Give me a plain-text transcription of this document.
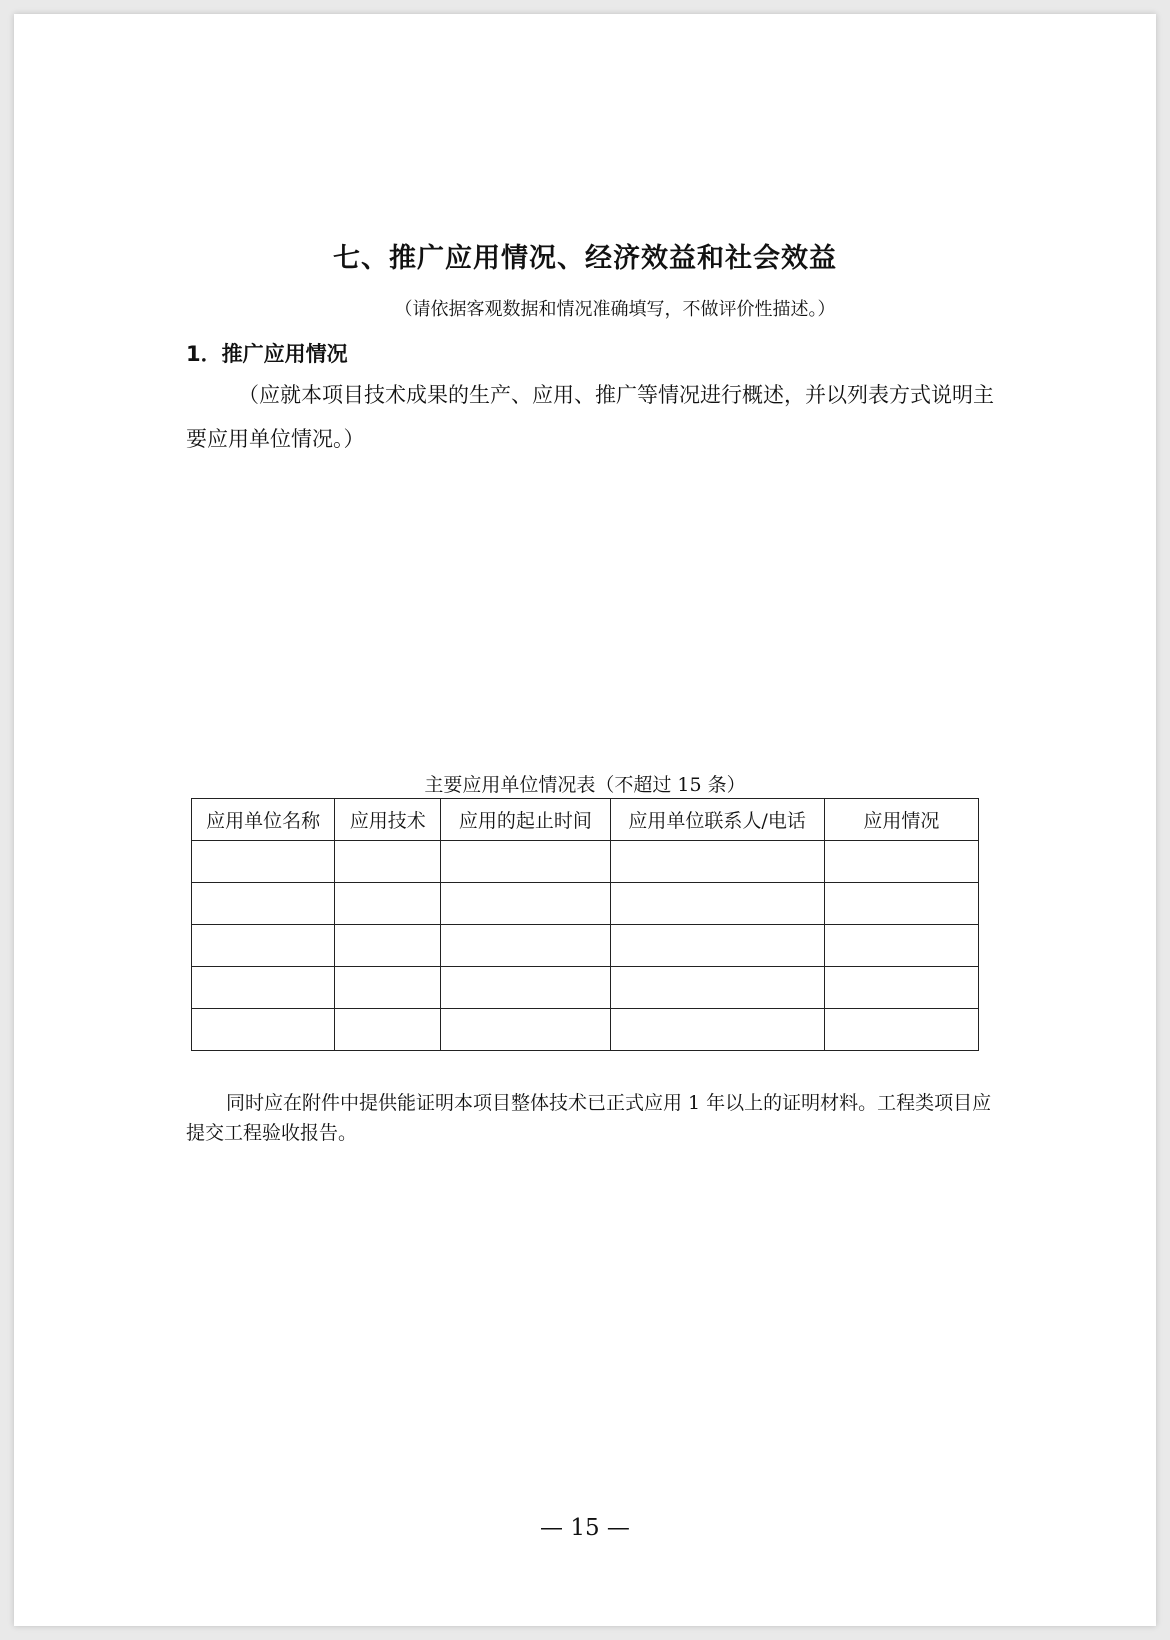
七、推广应用情况、经济效益和社会效益
（请依据客观数据和情况准确填写，不做评价性描述。）
1．推广应用情况
（应就本项目技术成果的生产、应用、推广等情况进行概述，并以列表方式说明主要应用单位情况。）
主要应用单位情况表（不超过 15 条）
应用单位名称	应用技术	应用的起止时间	应用单位联系人/电话	应用情况

同时应在附件中提供能证明本项目整体技术已正式应用 1 年以上的证明材料。工程类项目应提交工程验收报告。
— 15 —
